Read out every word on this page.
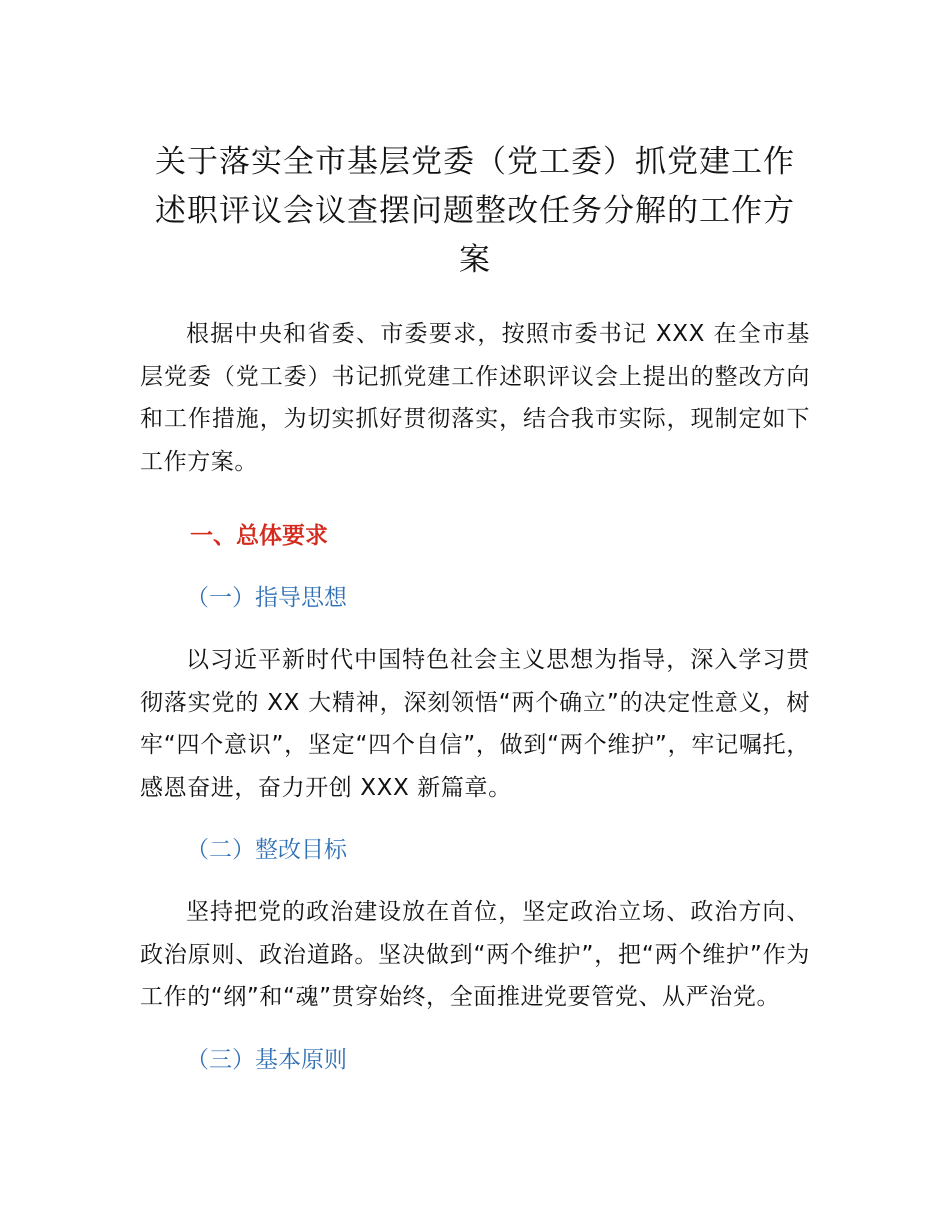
关于落实全市基层党委（党工委）抓党建工作述职评议会议查摆问题整改任务分解的工作方案

根据中央和省委、市委要求，按照市委书记 XXX 在全市基层党委（党工委）书记抓党建工作述职评议会上提出的整改方向和工作措施，为切实抓好贯彻落实，结合我市实际，现制定如下工作方案。

一、总体要求
（一）指导思想

以习近平新时代中国特色社会主义思想为指导，深入学习贯彻落实党的 XX 大精神，深刻领悟“两个确立”的决定性意义，树牢“四个意识”，坚定“四个自信”，做到“两个维护”，牢记嘱托，感恩奋进，奋力开创 XXX 新篇章。

（二）整改目标

坚持把党的政治建设放在首位，坚定政治立场、政治方向、政治原则、政治道路。坚决做到“两个维护”，把“两个维护”作为工作的“纲”和“魂”贯穿始终，全面推进党要管党、从严治党。

（三）基本原则
